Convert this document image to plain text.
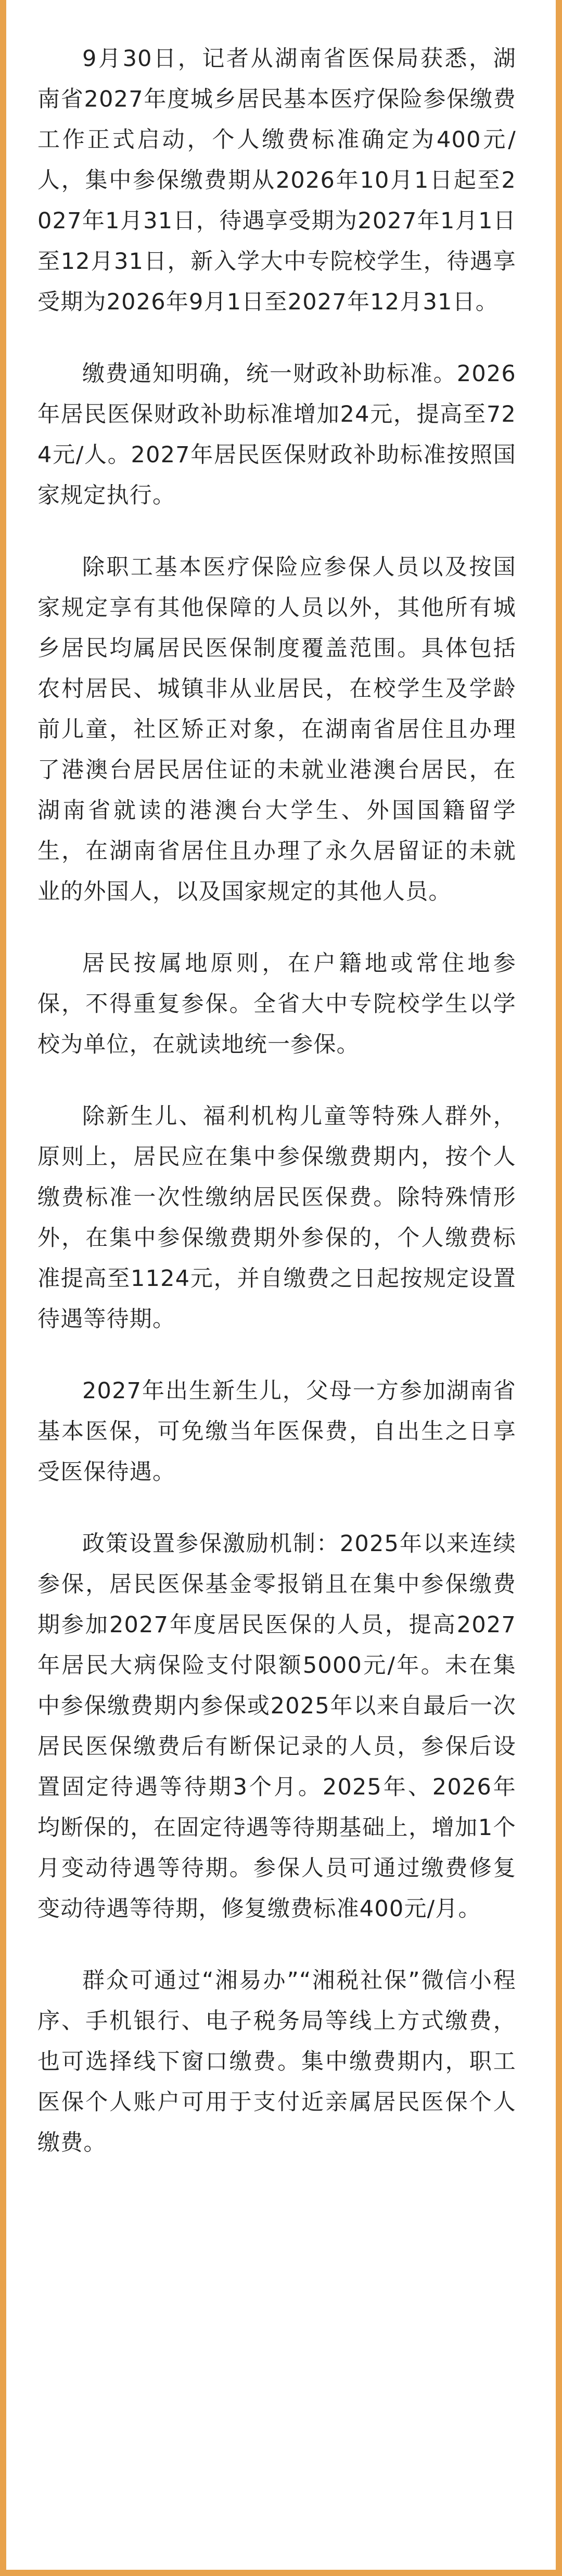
9月30日，记者从湖南省医保局获悉，湖南省2027年度城乡居民基本医疗保险参保缴费工作正式启动，个人缴费标准确定为400元/人，集中参保缴费期从2026年10月1日起至2027年1月31日，待遇享受期为2027年1月1日至12月31日，新入学大中专院校学生，待遇享受期为2026年9月1日至2027年12月31日。

缴费通知明确，统一财政补助标准。2026年居民医保财政补助标准增加24元，提高至724元/人。2027年居民医保财政补助标准按照国家规定执行。

除职工基本医疗保险应参保人员以及按国家规定享有其他保障的人员以外，其他所有城乡居民均属居民医保制度覆盖范围。具体包括农村居民、城镇非从业居民，在校学生及学龄前儿童，社区矫正对象，在湖南省居住且办理了港澳台居民居住证的未就业港澳台居民，在湖南省就读的港澳台大学生、外国国籍留学生，在湖南省居住且办理了永久居留证的未就业的外国人，以及国家规定的其他人员。

居民按属地原则，在户籍地或常住地参保，不得重复参保。全省大中专院校学生以学校为单位，在就读地统一参保。

除新生儿、福利机构儿童等特殊人群外，原则上，居民应在集中参保缴费期内，按个人缴费标准一次性缴纳居民医保费。除特殊情形外，在集中参保缴费期外参保的，个人缴费标准提高至1124元，并自缴费之日起按规定设置待遇等待期。

2027年出生新生儿，父母一方参加湖南省基本医保，可免缴当年医保费，自出生之日享受医保待遇。

政策设置参保激励机制：2025年以来连续参保，居民医保基金零报销且在集中参保缴费期参加2027年度居民医保的人员，提高2027年居民大病保险支付限额5000元/年。未在集中参保缴费期内参保或2025年以来自最后一次居民医保缴费后有断保记录的人员，参保后设置固定待遇等待期3个月。2025年、2026年均断保的，在固定待遇等待期基础上，增加1个月变动待遇等待期。参保人员可通过缴费修复变动待遇等待期，修复缴费标准400元/月。

群众可通过“湘易办”“湘税社保”微信小程序、手机银行、电子税务局等线上方式缴费，也可选择线下窗口缴费。集中缴费期内，职工医保个人账户可用于支付近亲属居民医保个人缴费。
